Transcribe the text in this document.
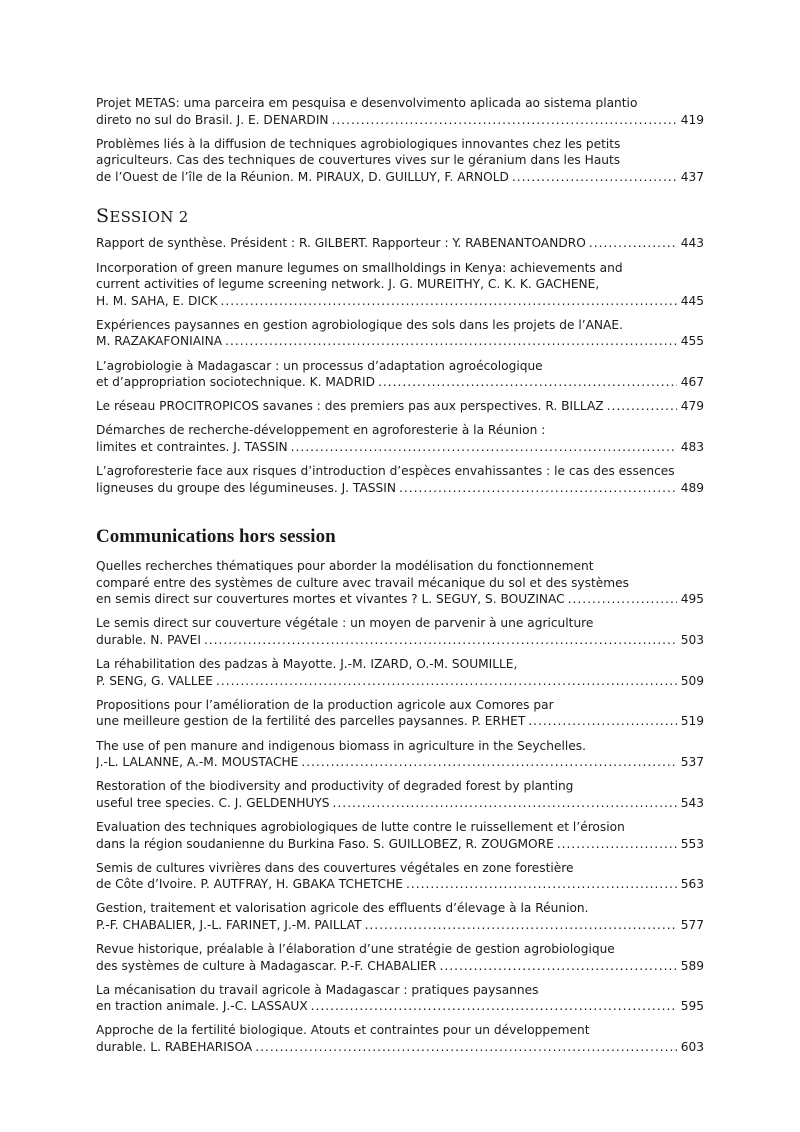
Projet METAS: uma parceira em pesquisa e desenvolvimento aplicada ao sistema plantio
direto no sul do Brasil. J. E. DENARDIN .....	419
Problèmes liés à la diffusion de techniques agrobiologiques innovantes chez les petits
agriculteurs. Cas des techniques de couvertures vives sur le géranium dans les Hauts
de l’Ouest de l’île de la Réunion. M. PIRAUX, D. GUILLUY, F. ARNOLD .....	437
SESSION 2
Rapport de synthèse. Président : R. GILBERT. Rapporteur : Y. RABENANTOANDRO .....	443
Incorporation of green manure legumes on smallholdings in Kenya: achievements and
current activities of legume screening network. J. G. MUREITHY, C. K. K. GACHENE,
H. M. SAHA, E. DICK .....	445
Expériences paysannes en gestion agrobiologique des sols dans les projets de l’ANAE.
M. RAZAKAFONIAINA .....	455
L’agrobiologie à Madagascar : un processus d’adaptation agroécologique
et d’appropriation sociotechnique. K. MADRID .....	467
Le réseau PROCITROPICOS savanes : des premiers pas aux perspectives. R. BILLAZ .....	479
Démarches de recherche-développement en agroforesterie à la Réunion :
limites et contraintes. J. TASSIN .....	483
L’agroforesterie face aux risques d’introduction d’espèces envahissantes : le cas des essences
ligneuses du groupe des légumineuses. J. TASSIN .....	489
Communications hors session
Quelles recherches thématiques pour aborder la modélisation du fonctionnement
comparé entre des systèmes de culture avec travail mécanique du sol et des systèmes
en semis direct sur couvertures mortes et vivantes ? L. SEGUY, S. BOUZINAC .....	495
Le semis direct sur couverture végétale : un moyen de parvenir à une agriculture
durable. N. PAVEI .....	503
La réhabilitation des padzas à Mayotte. J.-M. IZARD, O.-M. SOUMILLE,
P. SENG, G. VALLEE .....	509
Propositions pour l’amélioration de la production agricole aux Comores par
une meilleure gestion de la fertilité des parcelles paysannes. P. ERHET .....	519
The use of pen manure and indigenous biomass in agriculture in the Seychelles.
J.-L. LALANNE, A.-M. MOUSTACHE .....	537
Restoration of the biodiversity and productivity of degraded forest by planting
useful tree species. C. J. GELDENHUYS .....	543
Evaluation des techniques agrobiologiques de lutte contre le ruissellement et l’érosion
dans la région soudanienne du Burkina Faso. S. GUILLOBEZ, R. ZOUGMORE .....	553
Semis de cultures vivrières dans des couvertures végétales en zone forestière
de Côte d’Ivoire. P. AUTFRAY, H. GBAKA TCHETCHE .....	563
Gestion, traitement et valorisation agricole des effluents d’élevage à la Réunion.
P.-F. CHABALIER, J.-L. FARINET, J.-M. PAILLAT .....	577
Revue historique, préalable à l’élaboration d’une stratégie de gestion agrobiologique
des systèmes de culture à Madagascar. P.-F. CHABALIER .....	589
La mécanisation du travail agricole à Madagascar : pratiques paysannes
en traction animale. J.-C. LASSAUX .....	595
Approche de la fertilité biologique. Atouts et contraintes pour un développement
durable. L. RABEHARISOA .....	603
